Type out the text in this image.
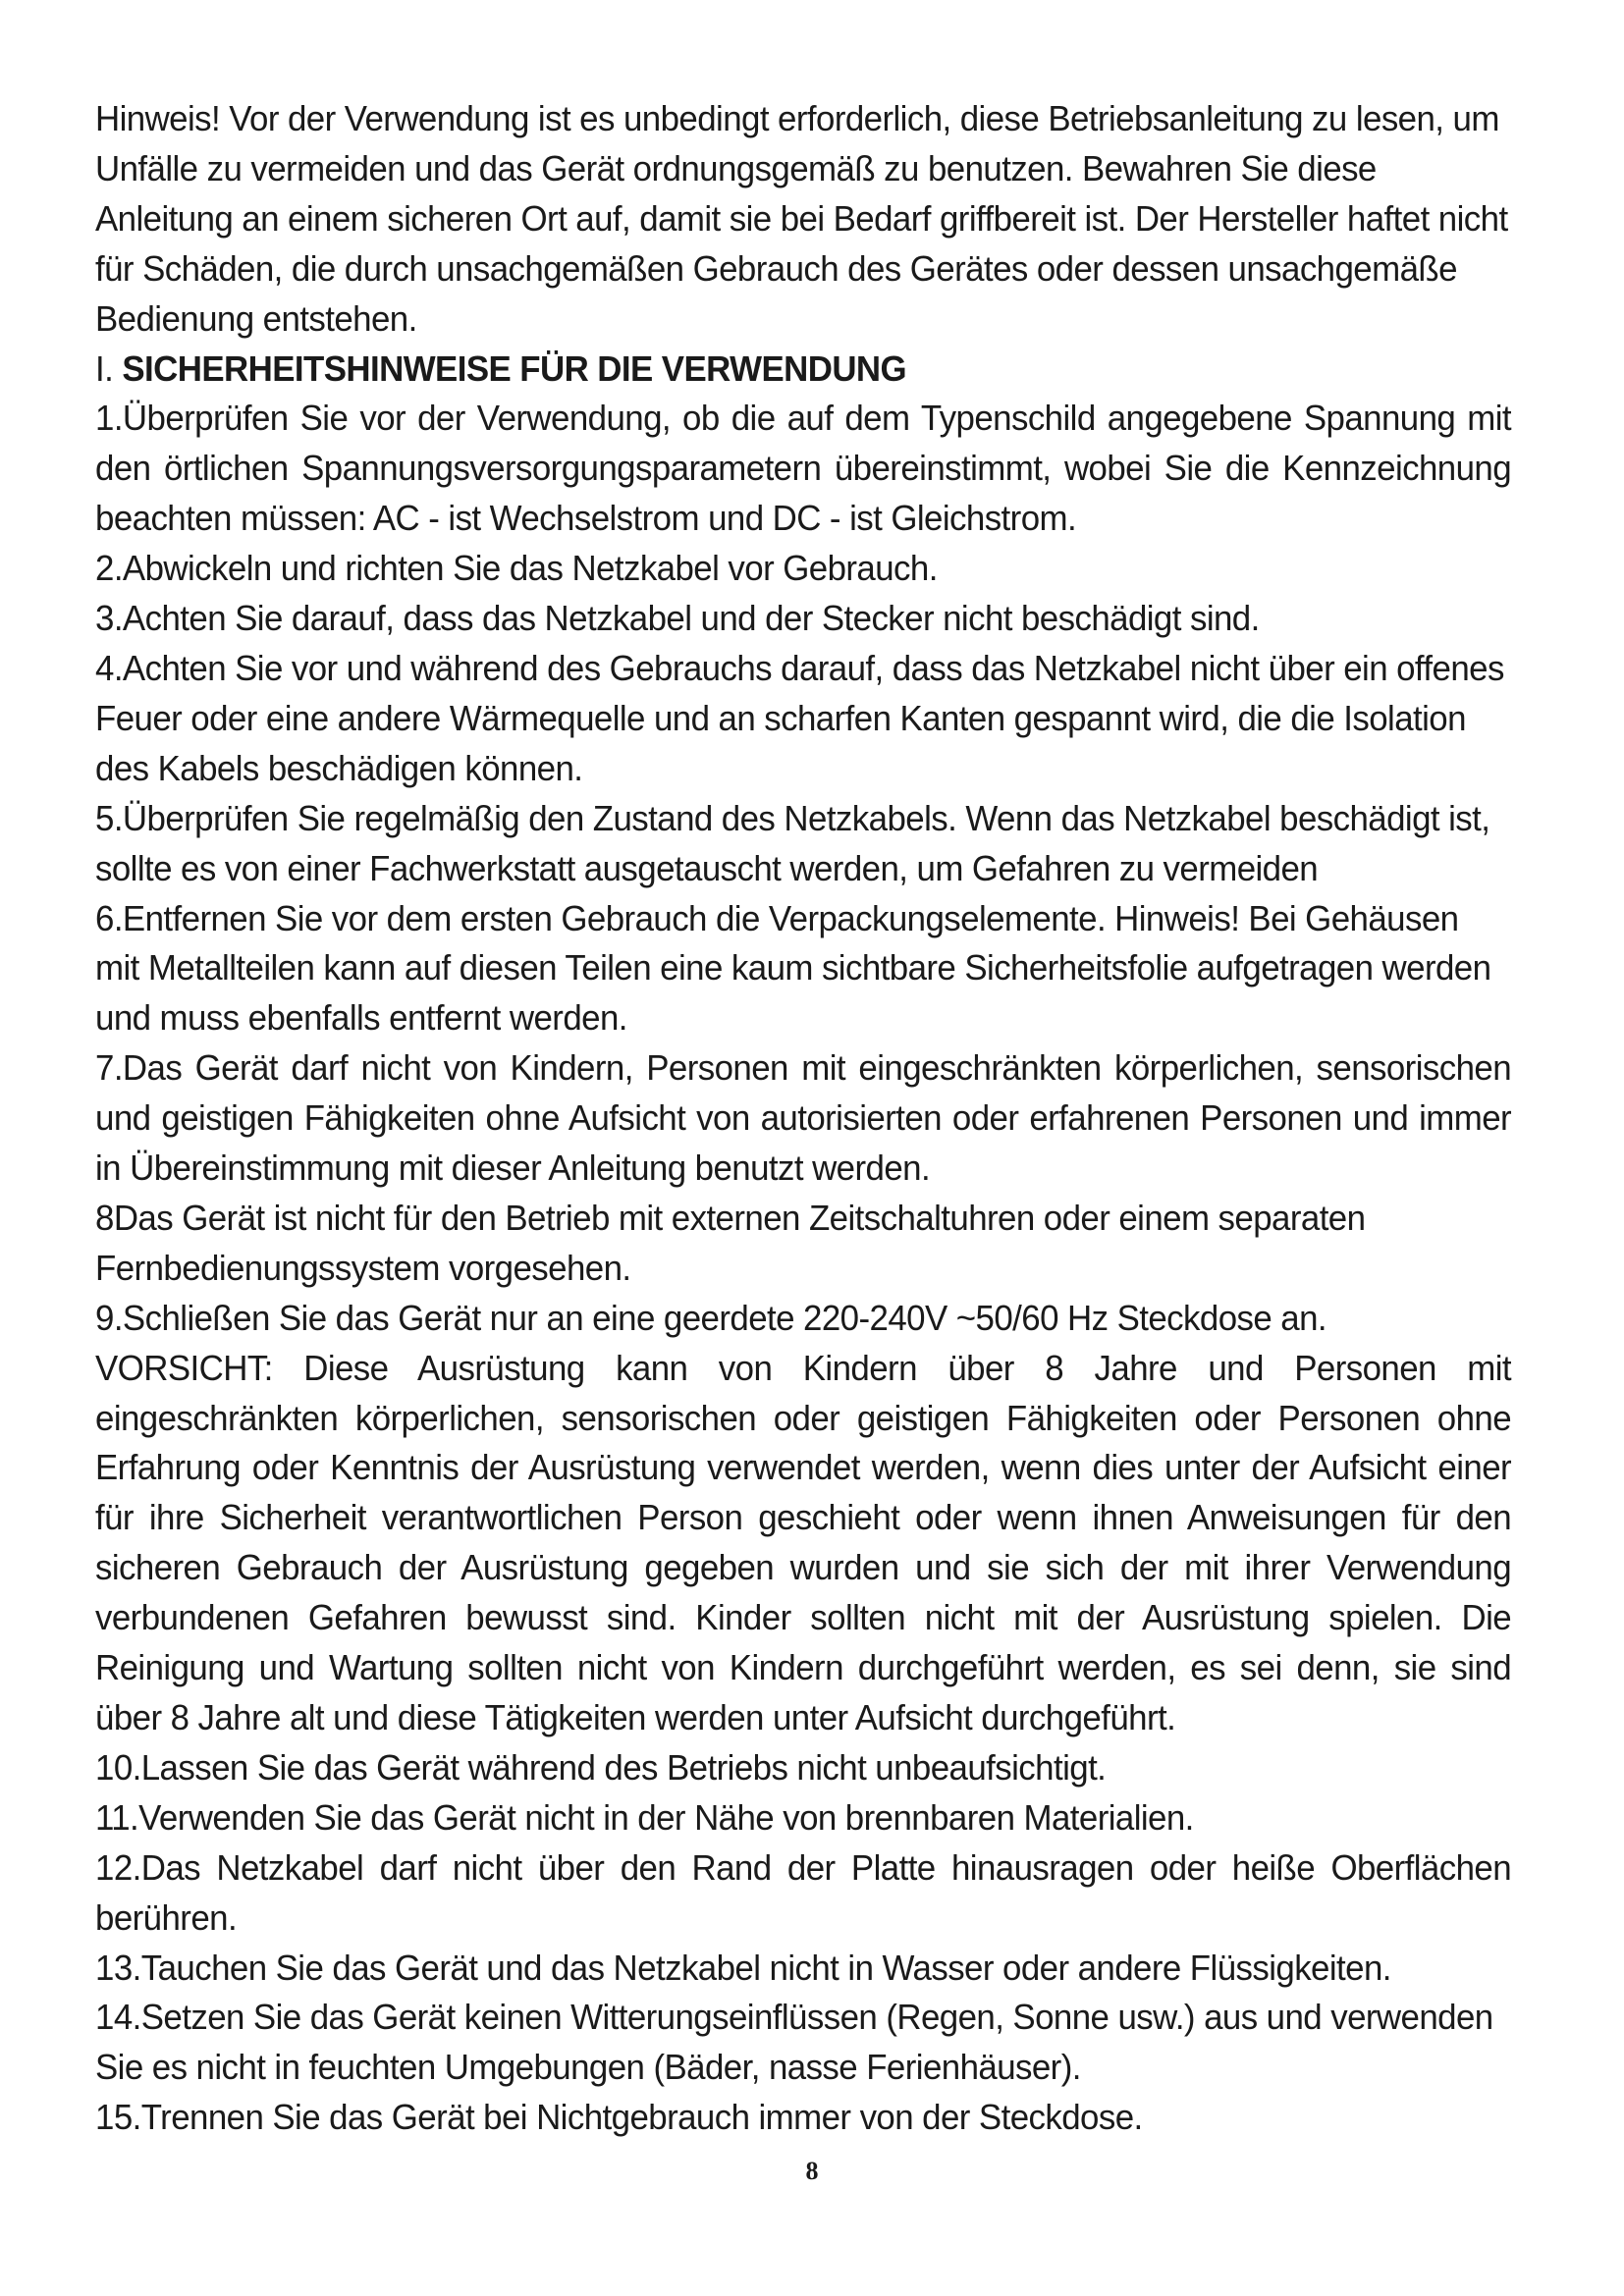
Hinweis! Vor der Verwendung ist es unbedingt erforderlich, diese Betriebsanleitung zu lesen, um Unfälle zu vermeiden und das Gerät ordnungsgemäß zu benutzen. Bewahren Sie diese Anleitung an einem sicheren Ort auf, damit sie bei Bedarf griffbereit ist. Der Hersteller haftet nicht für Schäden, die durch unsachgemäßen Gebrauch des Gerätes oder dessen unsachgemäße Bedienung entstehen.

I. SICHERHEITSHINWEISE FÜR DIE VERWENDUNG

1.Überprüfen Sie vor der Verwendung, ob die auf dem Typenschild angegebene Spannung mit den örtlichen Spannungsversorgungsparametern übereinstimmt, wobei Sie die Kennzeichnung beachten müssen: AC - ist Wechselstrom und DC - ist Gleichstrom.

2.Abwickeln und richten Sie das Netzkabel vor Gebrauch.

3.Achten Sie darauf, dass das Netzkabel und der Stecker nicht beschädigt sind.

4.Achten Sie vor und während des Gebrauchs darauf, dass das Netzkabel nicht über ein offenes Feuer oder eine andere Wärmequelle und an scharfen Kanten gespannt wird, die die Isolation des Kabels beschädigen können.

5.Überprüfen Sie regelmäßig den Zustand des Netzkabels. Wenn das Netzkabel beschädigt ist, sollte es von einer Fachwerkstatt ausgetauscht werden, um Gefahren zu vermeiden

6.Entfernen Sie vor dem ersten Gebrauch die Verpackungselemente. Hinweis! Bei Gehäusen mit Metallteilen kann auf diesen Teilen eine kaum sichtbare Sicherheitsfolie aufgetragen werden und muss ebenfalls entfernt werden.

7.Das Gerät darf nicht von Kindern, Personen mit eingeschränkten körperlichen, sensorischen und geistigen Fähigkeiten ohne Aufsicht von autorisierten oder erfahrenen Personen und immer in Übereinstimmung mit dieser Anleitung benutzt werden.

8Das Gerät ist nicht für den Betrieb mit externen Zeitschaltuhren oder einem separaten Fernbedienungssystem vorgesehen.

9.Schließen Sie das Gerät nur an eine geerdete 220-240V ~50/60 Hz Steckdose an.

VORSICHT: Diese Ausrüstung kann von Kindern über 8 Jahre und Personen mit eingeschränkten körperlichen, sensorischen oder geistigen Fähigkeiten oder Personen ohne Erfahrung oder Kenntnis der Ausrüstung verwendet werden, wenn dies unter der Aufsicht einer für ihre Sicherheit verantwortlichen Person geschieht oder wenn ihnen Anweisungen für den sicheren Gebrauch der Ausrüstung gegeben wurden und sie sich der mit ihrer Verwendung verbundenen Gefahren bewusst sind. Kinder sollten nicht mit der Ausrüstung spielen. Die Reinigung und Wartung sollten nicht von Kindern durchgeführt werden, es sei denn, sie sind über 8 Jahre alt und diese Tätigkeiten werden unter Aufsicht durchgeführt.

10.Lassen Sie das Gerät während des Betriebs nicht unbeaufsichtigt.

11.Verwenden Sie das Gerät nicht in der Nähe von brennbaren Materialien.

12.Das Netzkabel darf nicht über den Rand der Platte hinausragen oder heiße Oberflächen berühren.

13.Tauchen Sie das Gerät und das Netzkabel nicht in Wasser oder andere Flüssigkeiten.

14.Setzen Sie das Gerät keinen Witterungseinflüssen (Regen, Sonne usw.) aus und verwenden Sie es nicht in feuchten Umgebungen (Bäder, nasse Ferienhäuser).

15.Trennen Sie das Gerät bei Nichtgebrauch immer von der Steckdose.

8
